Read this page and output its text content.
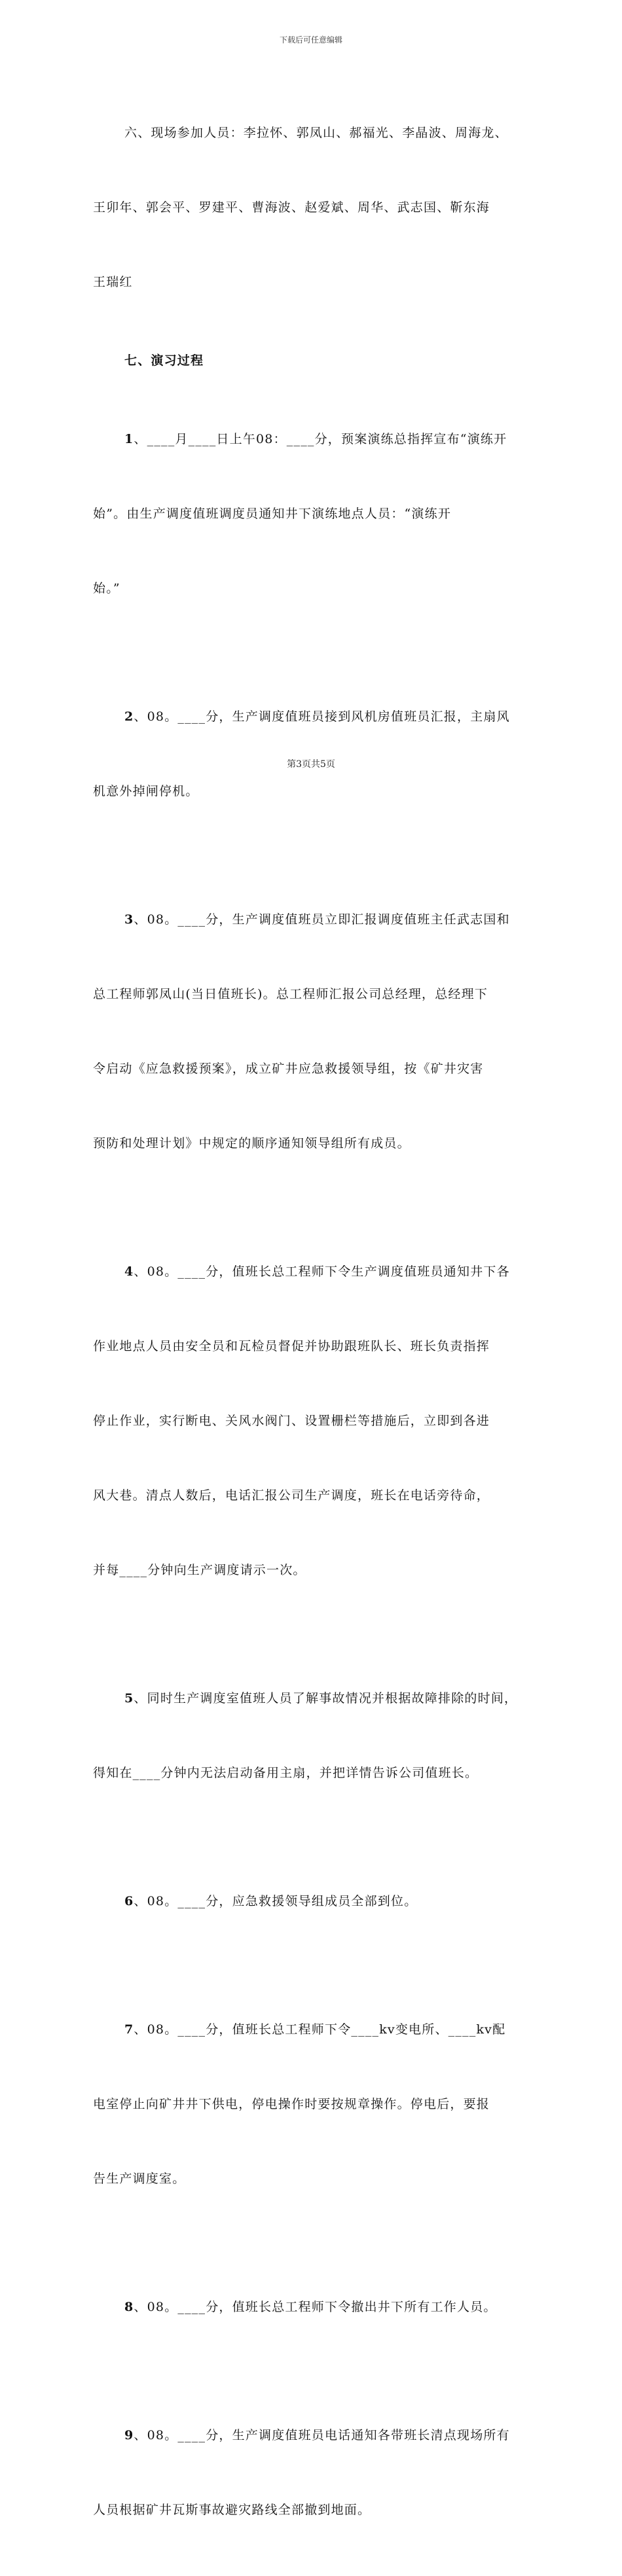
下载后可任意编辑

六、现场参加人员：李拉怀、郭凤山、郝福光、李晶波、周海龙、

王卯年、郭会平、罗建平、曹海波、赵爱斌、周华、武志国、靳东海

王瑞红

七、演习过程

1、____月____日上午08：____分，预案演练总指挥宣布“演练开

始”。由生产调度值班调度员通知井下演练地点人员：“演练开

始。”

2、08。____分，生产调度值班员接到风机房值班员汇报，主扇风

机意外掉闸停机。

3、08。____分，生产调度值班员立即汇报调度值班主任武志国和

总工程师郭凤山(当日值班长)。总工程师汇报公司总经理，总经理下

令启动《应急救援预案》，成立矿井应急救援领导组，按《矿井灾害

预防和处理计划》中规定的顺序通知领导组所有成员。

4、08。____分，值班长总工程师下令生产调度值班员通知井下各

作业地点人员由安全员和瓦检员督促并协助跟班队长、班长负责指挥

停止作业，实行断电、关风水阀门、设置栅栏等措施后，立即到各进

风大巷。清点人数后，电话汇报公司生产调度，班长在电话旁待命，

并每____分钟向生产调度请示一次。

5、同时生产调度室值班人员了解事故情况并根据故障排除的时间，

得知在____分钟内无法启动备用主扇，并把详情告诉公司值班长。

6、08。____分，应急救援领导组成员全部到位。

7、08。____分，值班长总工程师下令____kv变电所、____kv配

电室停止向矿井井下供电，停电操作时要按规章操作。停电后，要报

告生产调度室。

8、08。____分，值班长总工程师下令撤出井下所有工作人员。

9、08。____分，生产调度值班员电话通知各带班长清点现场所有

人员根据矿井瓦斯事故避灾路线全部撤到地面。

第3页共5页
